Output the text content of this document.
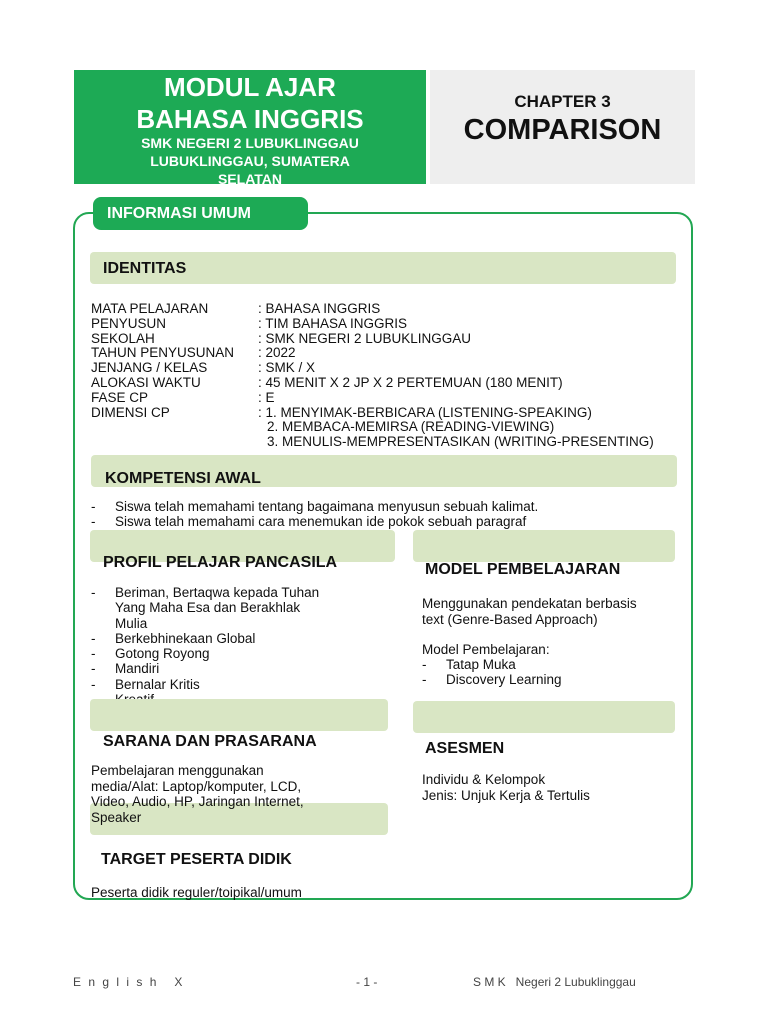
MODUL AJAR
BAHASA INGGRIS
SMK NEGERI 2 LUBUKLINGGAU
LUBUKLINGGAU, SUMATERA
SELATAN
CHAPTER 3
COMPARISON
INFORMASI UMUM
IDENTITAS
MATA PELAJARAN	: BAHASA INGGRIS
PENYUSUN	: TIM BAHASA INGGRIS
SEKOLAH	: SMK NEGERI 2 LUBUKLINGGAU
TAHUN PENYUSUNAN	: 2022
JENJANG / KELAS	: SMK / X
ALOKASI WAKTU	: 45 MENIT X 2 JP X 2 PERTEMUAN (180 MENIT)
FASE CP	: E
DIMENSI CP	: 1. MENYIMAK-BERBICARA (LISTENING-SPEAKING)
2. MEMBACA-MEMIRSA (READING-VIEWING)
3. MENULIS-MEMPRESENTASIKAN (WRITING-PRESENTING)
KOMPETENSI AWAL
- Siswa telah memahami tentang bagaimana menyusun sebuah kalimat.
- Siswa telah memahami cara menemukan ide pokok sebuah paragraf
PROFIL PELAJAR PANCASILA
- Beriman, Bertaqwa kepada Tuhan
Yang Maha Esa dan Berakhlak
Mulia
- Berkebhinekaan Global
- Gotong Royong
- Mandiri
- Bernalar Kritis
-
MODEL PEMBELAJARAN
Menggunakan pendekatan berbasis
text (Genre-Based Approach)
Model Pembelajaran:
- Tatap Muka
- Discovery Learning
SARANA DAN PRASARANA
Pembelajaran menggunakan
media/Alat: Laptop/komputer, LCD,
Video, Audio, HP, Jaringan Internet,
Speaker
ASESMEN
Individu & Kelompok
Jenis: Unjuk Kerja & Tertulis
TARGET PESERTA DIDIK
Peserta didik reguler/toipikal/umum
E n g l i s h   X	- 1 -	S M K   Negeri 2 Lubuklinggau
